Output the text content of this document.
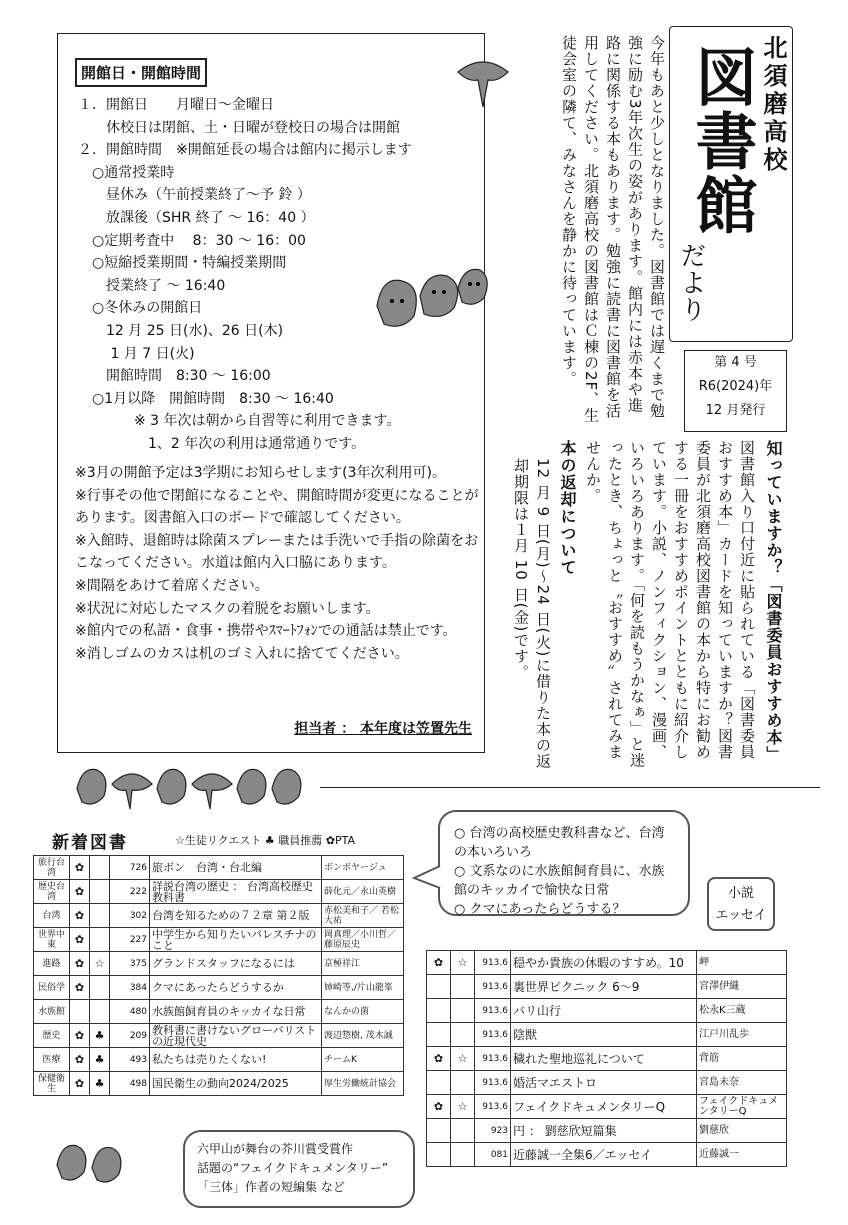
開館日・開館時間
１．開館日　　月曜日～金曜日
　　休校日は閉館、土・日曜が登校日の場合は開館
２．開館時間　※開館延長の場合は館内に掲示します
　○通常授業時
　　昼休み（午前授業終了～予 鈴 ）
　　放課後（SHR 終了 ～ 16：40 ）
　○定期考査中　 8：30 ～ 16：00
　○短縮授業期間・特編授業期間
　　授業終了 ～ 16:40
　○冬休みの開館日
　　12 月 25 日(水)、26 日(木)
　　 1 月 7 日(火)
　　開館時間　8:30 ～ 16:00
　○1月以降　開館時間　8:30 ～ 16:40
　　　　※ 3 年次は朝から自習等に利用できます。
　　　　　1、2 年次の利用は通常通りです。
※3月の開館予定は3学期にお知らせします(3年次利用可)。
※行事その他で閉館になることや、開館時間が変更になることがあります。図書館入口のボードで確認してください。
※入館時、退館時は除菌スプレーまたは手洗いで手指の除菌をおこなってください。水道は館内入口脇にあります。
※間隔をあけて着席ください。
※状況に対応したマスクの着脱をお願いします。
※館内での私語・食事・携帯やｽﾏｰﾄﾌｫﾝでの通話は禁止です。
※消しゴムのカスは机のゴミ入れに捨ててください。
担当者 ： 本年度は笠置先生
今年もあと少しとなりました。図書館では遅くまで勉強に励む3年次生の姿があります。館内には赤本や進路に関係する本もあります。勉強に読書に図書館を活用してください。北須磨高校の図書館はＣ棟の2F、生徒会室の隣て、みなさんを静かに待っています。	北須磨高校
図書館
だより
第 4 号
R6(2024)年
12 月発行
知っていますか？「図書委員おすすめ本」
図書館入り口付近に貼られている「図書委員おすすめ本」カードを知っていますか？図書委員が北須磨高校図書館の本から特にお勧めする一冊をおすすめポイントとともに紹介しています。小説、ノンフィクション、漫画、いろいろあります。「何を読もうかなぁ」と迷ったとき、ちょっと〝おすすめ〟されてみませんか。
本の返却について
12 月 9 日(月)～24 日(火)に借りた本の返却期限は１月 10 日(金)です。
新着図書	☆生徒リクエスト ♣ 職員推薦 ✿PTA
旅行台湾	✿		726	旅ボン　台湾・台北編	ボンボヤージュ
歴史台湾	✿		222	詳説台湾の歴史 ： 台湾高校歴史教科書	薛化元／永山英樹
台湾	✿		302	台湾を知るための７２章 第２版	赤松美和子／ 若松大祐
世界中東	✿		227	中学生から知りたいパレスチナのこと	岡真理／小川哲／藤原辰史
進路	✿	☆	375	グランドスタッフになるには	京極祥江
民俗学	✿		384	クマにあったらどうするか	姉崎等,/片山龍峯
水族館			480	水族館飼育員のキッカイな日常	なんかの菌
歴史	✿	♣	209	教科書に書けないグローバリストの近現代史	渡辺惣樹, 茂木誠
医療	✿	♣	493	私たちは売りたくない!	チームK
保健衛生	✿	♣	498	国民衛生の動向2024/2025	厚生労働統計協会
○ 台湾の高校歴史教科書など、台湾の本いろいろ
○ 文系なのに水族館飼育員に、水族館のキッカイで愉快な日常
○ クマにあったらどうする？
小説
エッセイ
✿	☆	913.6	穏やか貴族の休暇のすすめ。10	岬
		913.6	裏世界ピクニック 6～9	宮澤伊織
		913.6	バリ山行	松永K三蔵
		913.6	陰獣	江戸川乱歩
✿	☆	913.6	穢れた聖地巡礼について	背筋
		913.6	婚活マエストロ	宮島未奈
✿	☆	913.6	フェイクドキュメンタリーQ	フェイクドキュメンタリーQ
		923	円 ： 劉慈欣短篇集	劉慈欣
		081	近藤誠一全集6／エッセイ	近藤誠一
六甲山が舞台の芥川賞受賞作
話題の“フェイクドキュメンタリー”
「三体」作者の短編集 など
